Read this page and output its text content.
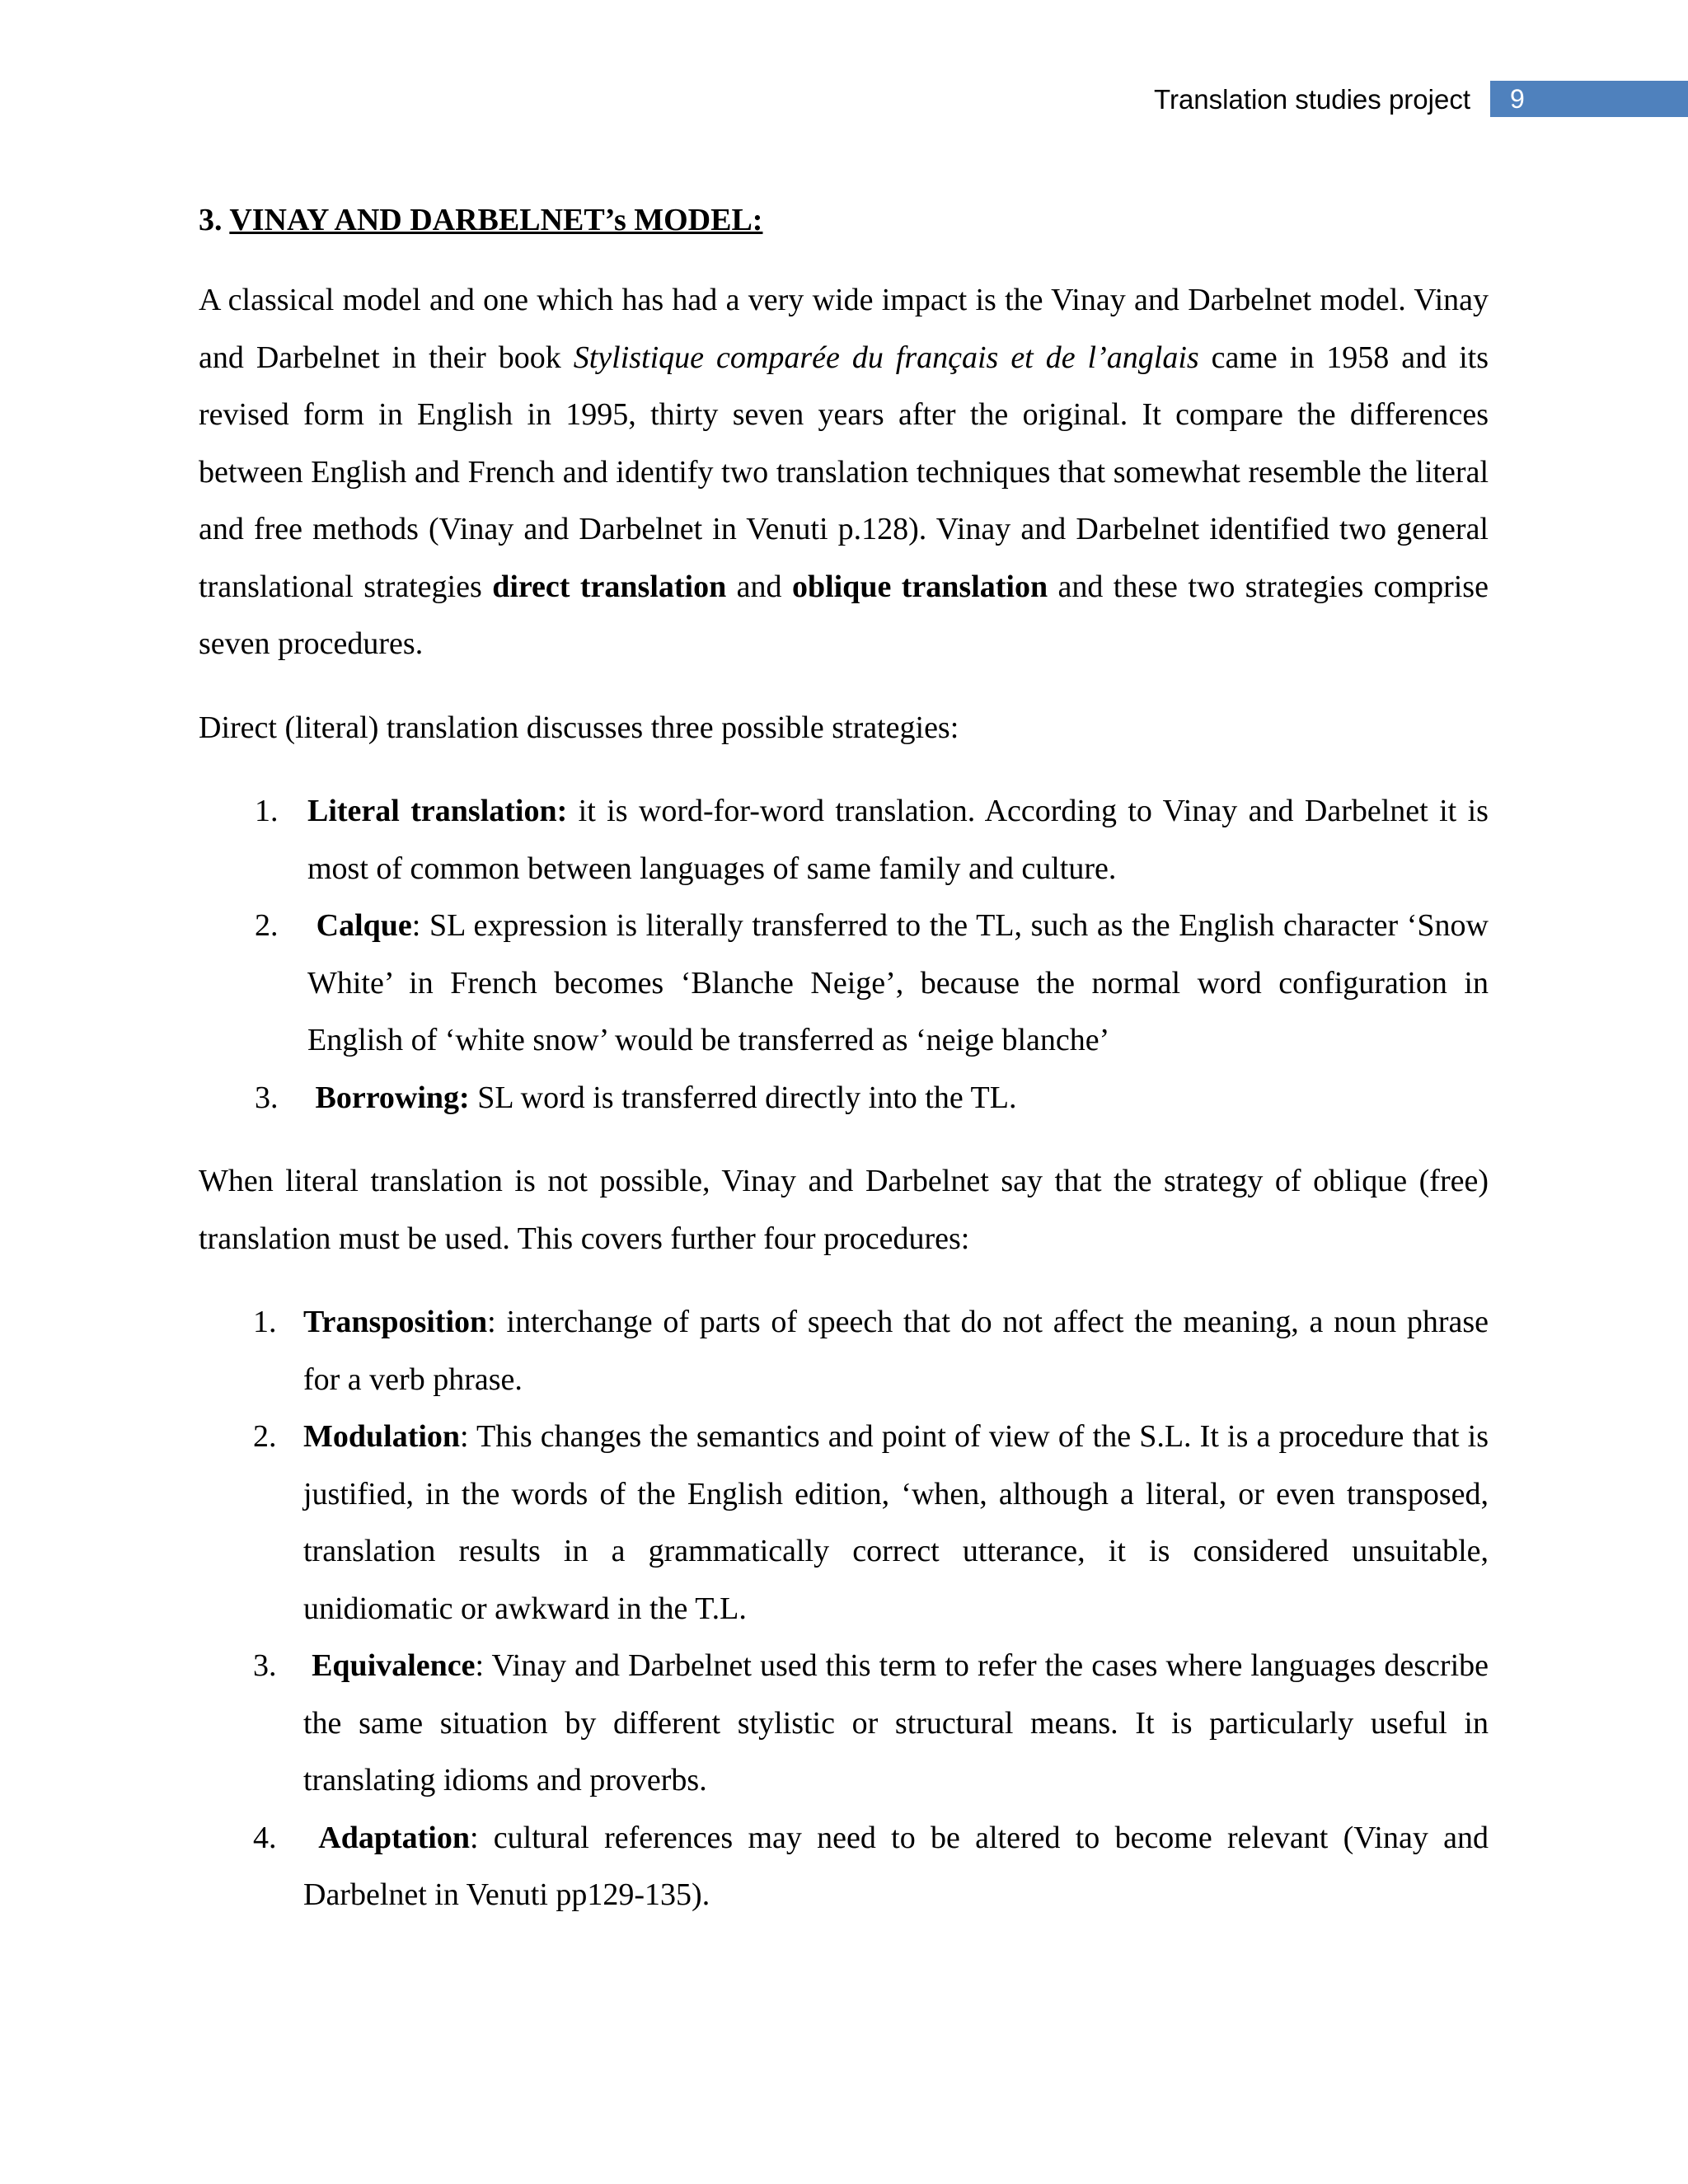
Translation studies project	9
3. VINAY AND DARBELNET’s MODEL:

A classical model and one which has had a very wide impact is the Vinay and Darbelnet model. Vinay and Darbelnet in their book Stylistique comparée du français et de l’anglais came in 1958 and its revised form in English in 1995, thirty seven years after the original. It compare the differences between English and French and identify two translation techniques that somewhat resemble the literal and free methods (Vinay and Darbelnet in Venuti p.128). Vinay and Darbelnet identified two general translational strategies direct translation and oblique translation and these two strategies comprise seven procedures.

Direct (literal) translation discusses three possible strategies:

1. Literal translation: it is word-for-word translation. According to Vinay and Darbelnet it is most of common between languages of same family and culture.
2. Calque: SL expression is literally transferred to the TL, such as the English character ‘Snow White’ in French becomes ‘Blanche Neige’, because the normal word configuration in English of ‘white snow’ would be transferred as ‘neige blanche’
3. Borrowing: SL word is transferred directly into the TL.

When literal translation is not possible, Vinay and Darbelnet say that the strategy of oblique (free) translation must be used. This covers further four procedures:

1. Transposition: interchange of parts of speech that do not affect the meaning, a noun phrase for a verb phrase.
2. Modulation: This changes the semantics and point of view of the S.L. It is a procedure that is justified, in the words of the English edition, ‘when, although a literal, or even transposed, translation results in a grammatically correct utterance, it is considered unsuitable, unidiomatic or awkward in the T.L.
3. Equivalence: Vinay and Darbelnet used this term to refer the cases where languages describe the same situation by different stylistic or structural means. It is particularly useful in translating idioms and proverbs.
4. Adaptation: cultural references may need to be altered to become relevant (Vinay and Darbelnet in Venuti pp129-135).
